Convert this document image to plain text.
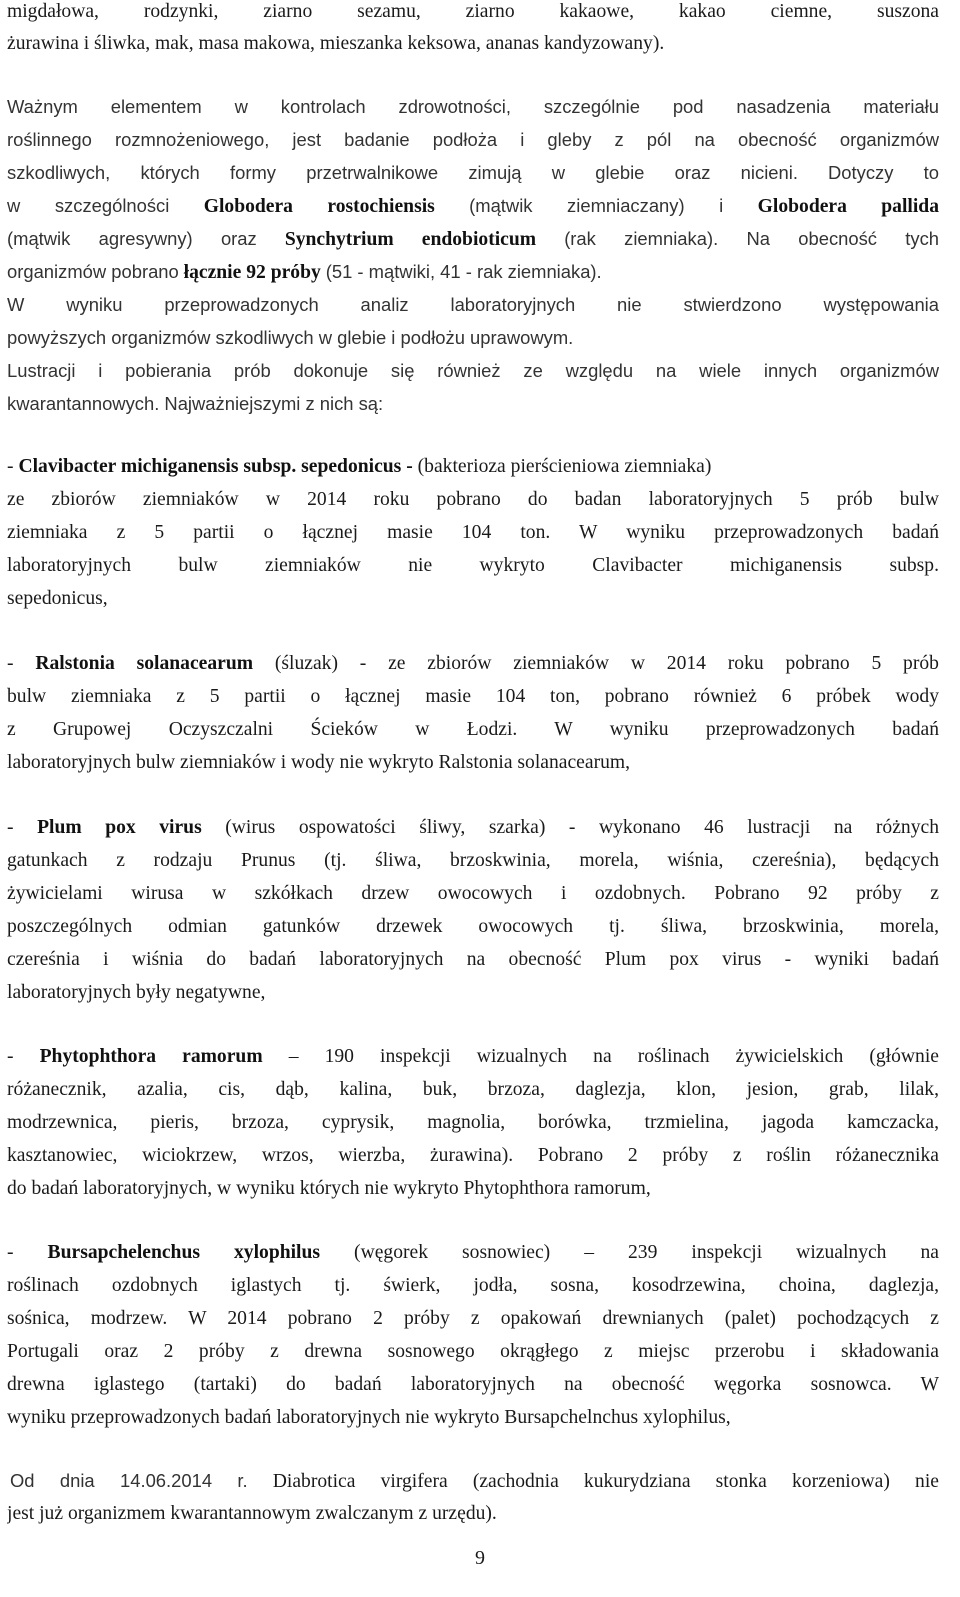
migdałowa, rodzynki, ziarno sezamu, ziarno kakaowe, kakao ciemne, suszona
żurawina i śliwka, mak, masa makowa, mieszanka keksowa, ananas kandyzowany).
Ważnym elementem w kontrolach zdrowotności, szczególnie pod nasadzenia materiału
roślinnego rozmnożeniowego, jest badanie podłoża i gleby z pól na obecność organizmów
szkodliwych, których formy przetrwalnikowe zimują w glebie oraz nicieni. Dotyczy to
w szczególności Globodera rostochiensis (mątwik ziemniaczany) i Globodera pallida
(mątwik agresywny) oraz Synchytrium endobioticum (rak ziemniaka). Na obecność tych
organizmów pobrano łącznie 92 próby (51 - mątwiki, 41 - rak ziemniaka).
W wyniku przeprowadzonych analiz laboratoryjnych nie stwierdzono występowania
powyższych organizmów szkodliwych w glebie i podłożu uprawowym.
Lustracji i pobierania prób dokonuje się również ze względu na wiele innych organizmów
kwarantannowych. Najważniejszymi z nich są:
- Clavibacter michiganensis subsp. sepedonicus - (bakterioza pierścieniowa ziemniaka)
ze zbiorów ziemniaków w 2014 roku pobrano do badan laboratoryjnych 5 prób bulw
ziemniaka z 5 partii o łącznej masie 104 ton. W wyniku przeprowadzonych badań
laboratoryjnych bulw ziemniaków nie wykryto Clavibacter michiganensis subsp.
sepedonicus,
- Ralstonia solanacearum (śluzak) - ze zbiorów ziemniaków w 2014 roku pobrano 5 prób
bulw ziemniaka z 5 partii o łącznej masie 104 ton, pobrano również 6 próbek wody
z Grupowej Oczyszczalni Ścieków w Łodzi. W wyniku przeprowadzonych badań
laboratoryjnych bulw ziemniaków i wody nie wykryto Ralstonia solanacearum,
- Plum pox virus (wirus ospowatości śliwy, szarka) - wykonano 46 lustracji na różnych
gatunkach z rodzaju Prunus (tj. śliwa, brzoskwinia, morela, wiśnia, czereśnia), będących
żywicielami wirusa w szkółkach drzew owocowych i ozdobnych. Pobrano 92 próby z
poszczególnych odmian gatunków drzewek owocowych tj. śliwa, brzoskwinia, morela,
czereśnia i wiśnia do badań laboratoryjnych na obecność Plum pox virus - wyniki badań
laboratoryjnych były negatywne,
- Phytophthora ramorum – 190 inspekcji wizualnych na roślinach żywicielskich (głównie
różanecznik, azalia, cis, dąb, kalina, buk, brzoza, daglezja, klon, jesion, grab, lilak,
modrzewnica, pieris, brzoza, cyprysik, magnolia, borówka, trzmielina, jagoda kamczacka,
kasztanowiec, wiciokrzew, wrzos, wierzba, żurawina). Pobrano 2 próby z roślin różanecznika
do badań laboratoryjnych, w wyniku których nie wykryto Phytophthora ramorum,
- Bursapchelenchus xylophilus (węgorek sosnowiec) – 239 inspekcji wizualnych na
roślinach ozdobnych iglastych tj. świerk, jodła, sosna, kosodrzewina, choina, daglezja,
sośnica, modrzew. W 2014 pobrano 2 próby z opakowań drewnianych (palet) pochodzących z
Portugali oraz 2 próby z drewna sosnowego okrągłego z miejsc przerobu i składowania
drewna iglastego (tartaki) do badań laboratoryjnych na obecność węgorka sosnowca. W
wyniku przeprowadzonych badań laboratoryjnych nie wykryto Bursapchelnchus xylophilus,
Od dnia 14.06.2014 r. Diabrotica virgifera (zachodnia kukurydziana stonka korzeniowa) nie
jest już organizmem kwarantannowym zwalczanym z urzędu).
9
